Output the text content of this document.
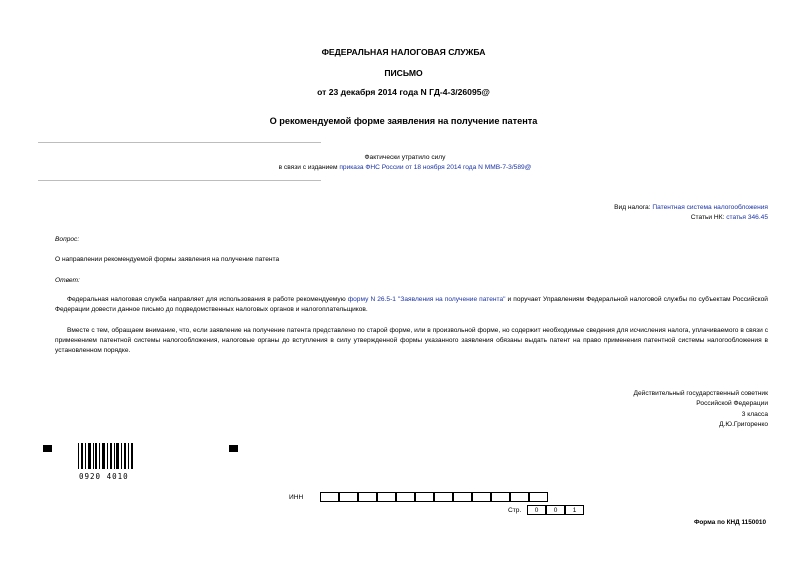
ФЕДЕРАЛЬНАЯ НАЛОГОВАЯ СЛУЖБА
ПИСЬМО
от 23 декабря 2014 года N ГД-4-3/26095@
О рекомендуемой форме заявления на получение патента
Фактически утратило силу
в связи с изданием приказа ФНС России от 18 ноября 2014 года N ММВ-7-3/589@
Вид налога: Патентная система налогообложения
Статьи НК: статья 346.45
Вопрос:
О направлении рекомендуемой формы заявления на получение патента
Ответ:
Федеральная налоговая служба направляет для использования в работе рекомендуемую форму N 26.5-1 "Заявления на получение патента" и поручает Управлениям Федеральной налоговой службы по субъектам Российской Федерации довести данное письмо до подведомственных налоговых органов и налогоплательщиков.
Вместе с тем, обращаем внимание, что, если заявление на получение патента представлено по старой форме, или в произвольной форме, но содержит необходимые сведения для исчисления налога, уплачиваемого в связи с применением патентной системы налогообложения, налоговые органы до вступления в силу утвержденной формы указанного заявления обязаны выдать патент на право применения патентной системы налогообложения в установленном порядке.
Действительный государственный советник
Российской Федерации
3 класса
Д.Ю.Григоренко
0920 4010
ИНН
Стр.	0	0	1
Форма по КНД 1150010
